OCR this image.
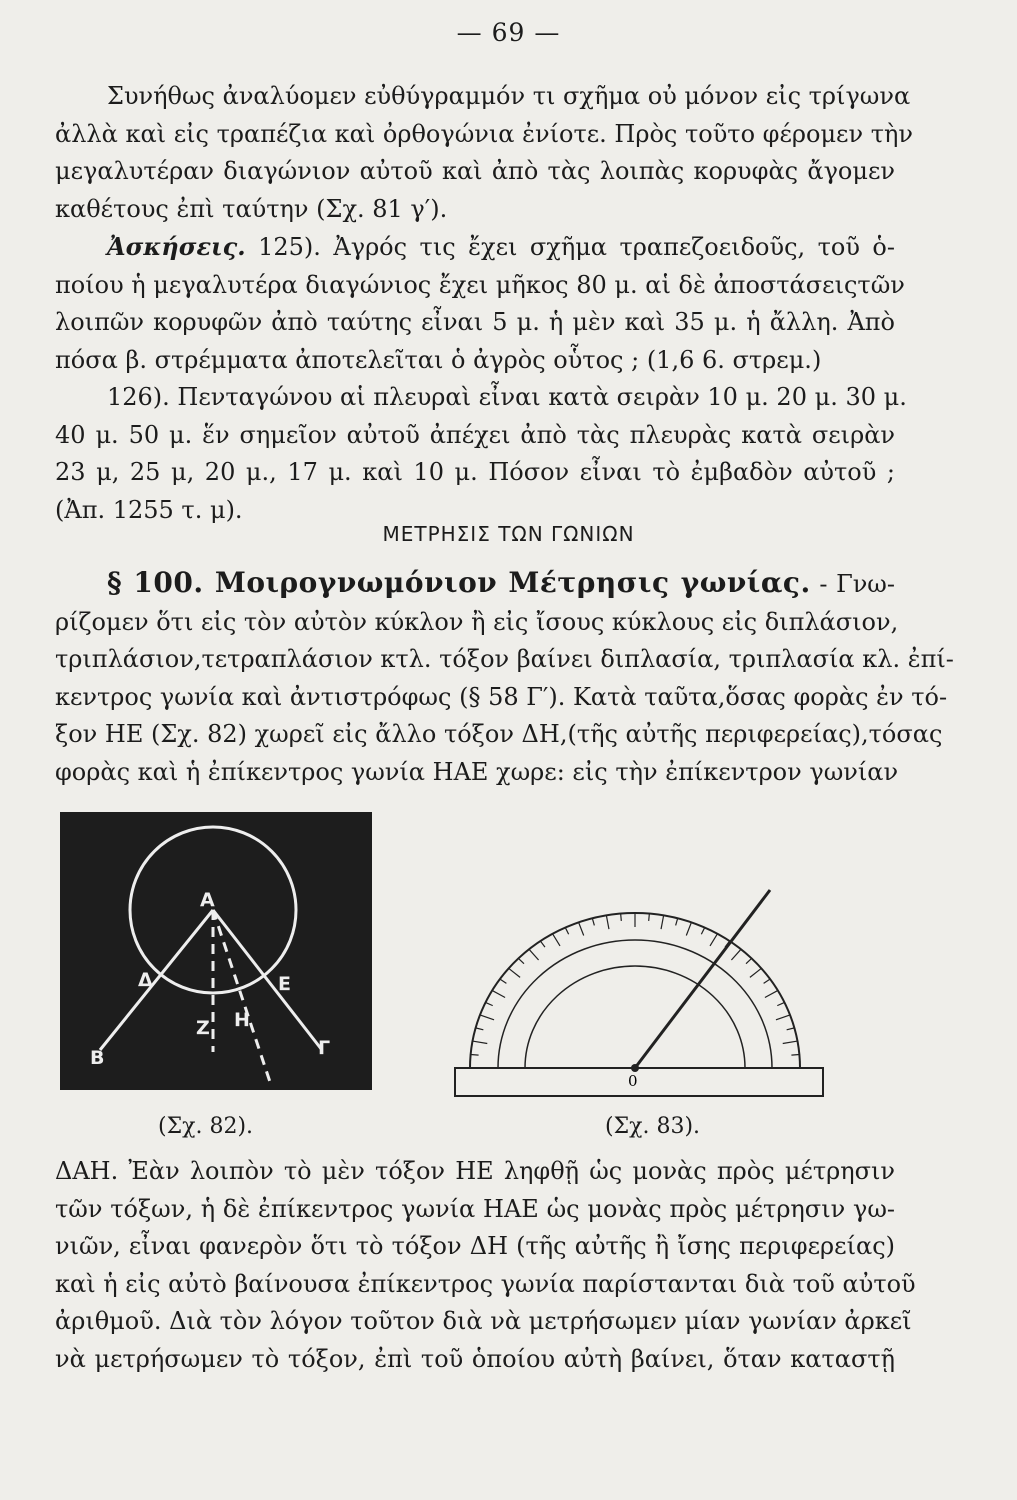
— 69 —
Συνήθως ἀναλύομεν εὐθύγραμμόν τι σχῆμα οὐ μόνον εἰς τρίγωνα
ἀλλὰ καὶ εἰς τραπέζια καὶ ὀρθογώνια ἐνίοτε. Πρὸς τοῦτο φέρομεν τὴν
μεγαλυτέραν διαγώνιον αὐτοῦ καὶ ἀπὸ τὰς λοιπὰς κορυφὰς ἄγομεν
καθέτους ἐπὶ ταύτην (Σχ. 81 γ′).
Ἀσκήσεις. 125). Ἀγρός τις ἔχει σχῆμα τραπεζοειδοῦς, τοῦ ὁ-
ποίου ἡ μεγαλυτέρα διαγώνιος ἔχει μῆκος 80 μ. αἱ δὲ ἀποστάσειςτῶν
λοιπῶν κορυφῶν ἀπὸ ταύτης εἶναι 5 μ. ἡ μὲν καὶ 35 μ. ἡ ἄλλη. Ἀπὸ
πόσα β. στρέμματα ἀποτελεῖται ὁ ἀγρὸς οὗτος ; (1,6 6. στρεμ.)
126). Πενταγώνου αἱ πλευραὶ εἶναι κατὰ σειρὰν 10 μ. 20 μ. 30 μ.
40 μ. 50 μ. ἕν σημεῖον αὐτοῦ ἀπέχει ἀπὸ τὰς πλευρὰς κατὰ σειρὰν
23 μ, 25 μ, 20 μ., 17 μ. καὶ 10 μ. Πόσον εἶναι τὸ ἐμβαδὸν αὐτοῦ ;
(Ἀπ. 1255 τ. μ).
ΜΕΤΡΗΣΙΣ ΤΩΝ ΓΩΝΙΩΝ
§ 100. Μοιρογνωμόνιον Μέτρησις γωνίας. - Γνω-
ρίζομεν ὅτι εἰς τὸν αὐτὸν κύκλον ἢ εἰς ἴσους κύκλους εἰς διπλάσιον,
τριπλάσιον,τετραπλάσιον κτλ. τόξον βαίνει διπλασία, τριπλασία κλ. ἐπί-
κεντρος γωνία καὶ ἀντιστρόφως (§ 58 Γ′). Κατὰ ταῦτα,ὅσας φορὰς ἐν τό-
ξον ΗΕ (Σχ. 82) χωρεῖ εἰς ἄλλο τόξον ΔΗ,(τῆς αὐτῆς περιφερείας),τόσας
φορὰς καὶ ἡ ἐπίκεντρος γωνία ΗΑΕ χωρε: εἰς τὴν ἐπίκεντρον γωνίαν
Α
Δ	Ε
Β	Γ
Ζ Η
(Σχ. 82).
0
(Σχ. 83).
ΔΑΗ. Ἐὰν λοιπὸν τὸ μὲν τόξον ΗΕ ληφθῇ ὡς μονὰς πρὸς μέτρησιν
τῶν τόξων, ἡ δὲ ἐπίκεντρος γωνία ΗΑΕ ὡς μονὰς πρὸς μέτρησιν γω-
νιῶν, εἶναι φανερὸν ὅτι τὸ τόξον ΔΗ (τῆς αὐτῆς ἢ ἴσης περιφερείας)
καὶ ἡ εἰς αὐτὸ βαίνουσα ἐπίκεντρος γωνία παρίστανται διὰ τοῦ αὐτοῦ
ἀριθμοῦ. Διὰ τὸν λόγον τοῦτον διὰ νὰ μετρήσωμεν μίαν γωνίαν ἀρκεῖ
νὰ μετρήσωμεν τὸ τόξον, ἐπὶ τοῦ ὁποίου αὐτὴ βαίνει, ὅταν καταστῇ
